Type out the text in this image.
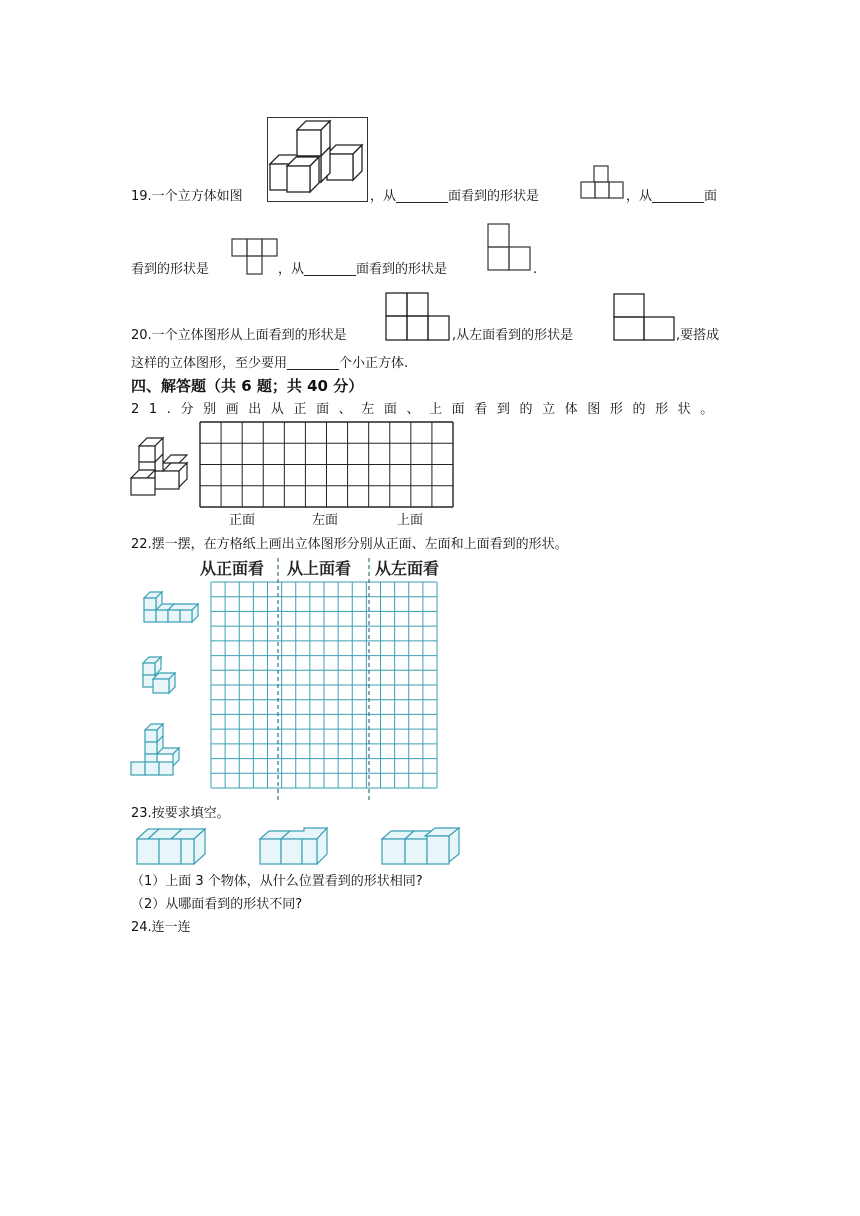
19.一个立方体如图	，从________面看到的形状是	，从________面
看到的形状是	，从________面看到的形状是	.
20.一个立体图形从上面看到的形状是	,从左面看到的形状是	,要搭成
这样的立体图形，至少要用________个小正方体.
四、解答题（共 6 题；共 40 分）
21.分别画出从正面、左面、上面看到的立体图形的形状。
正面	左面	上面
22.摆一摆，在方格纸上画出立体图形分别从正面、左面和上面看到的形状。
从正面看 从上面看 从左面看
23.按要求填空。
（1）上面 3 个物体，从什么位置看到的形状相同?
（2）从哪面看到的形状不同?
24.连一连
